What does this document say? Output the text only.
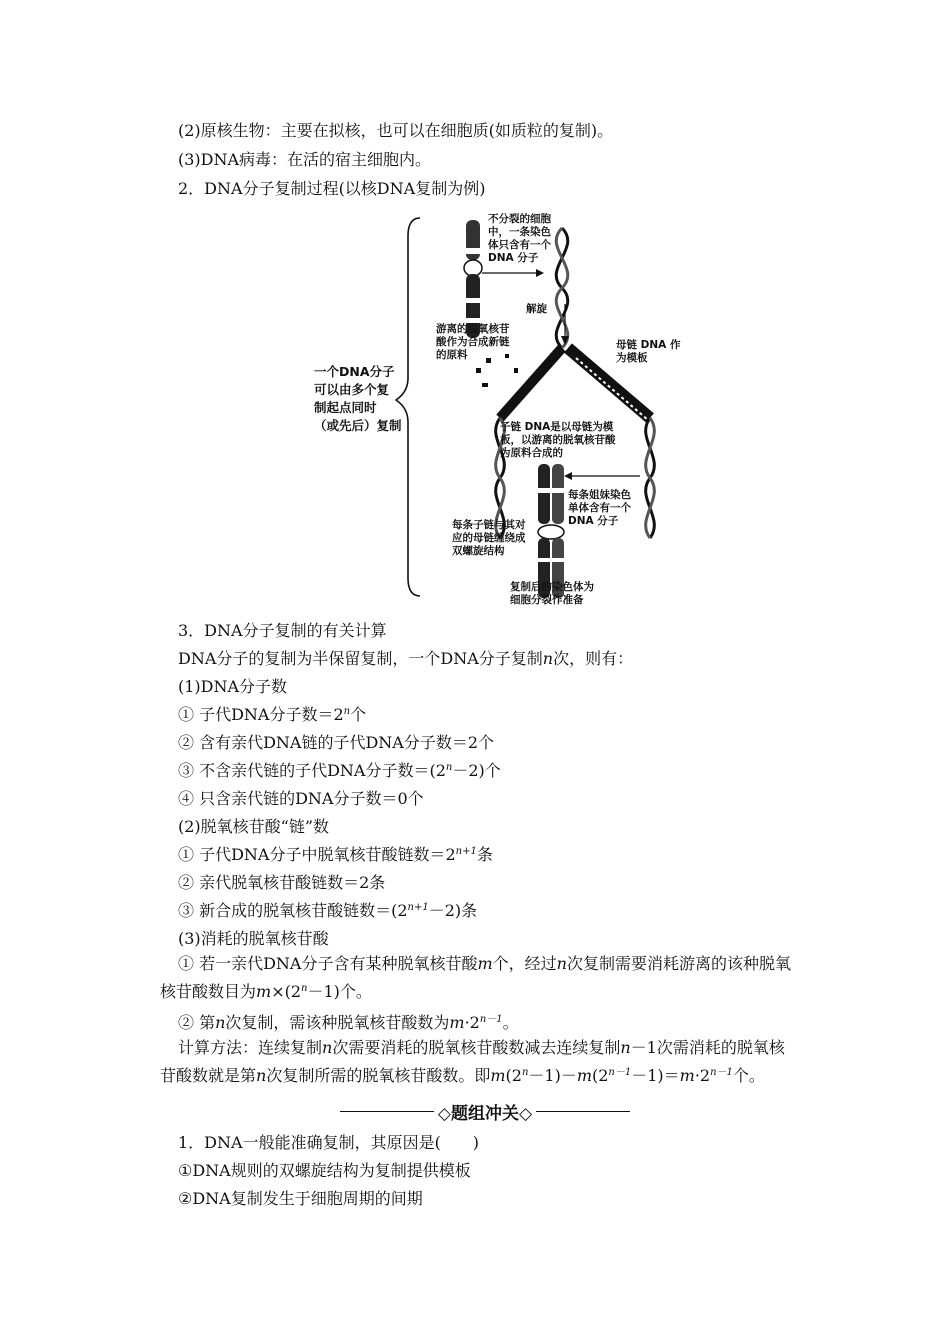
(2)原核生物：主要在拟核，也可以在细胞质(如质粒的复制)。
(3)DNA病毒：在活的宿主细胞内。
2．DNA分子复制过程(以核DNA复制为例)
一个DNA分子
可以由多个复
制起点同时
（或先后）复制
不分裂的细胞
中，一条染色
体只含有一个
DNA 分子
解旋
游离的脱氧核苷
酸作为合成新链
的原料
母链 DNA 作
为模板
子链 DNA是以母链为模
板，以游离的脱氧核苷酸
为原料合成的
每条姐妹染色
单体含有一个
DNA 分子
每条子链与其对
应的母链缠绕成
双螺旋结构
复制后的染色体为
细胞分裂作准备
3．DNA分子复制的有关计算
DNA分子的复制为半保留复制，一个DNA分子复制n次，则有：
(1)DNA分子数
① 子代DNA分子数$=2^n$个
② 含有亲代DNA链的子代DNA分子数＝2个
③ 不含亲代链的子代DNA分子数$=(2^n-2)$个
④ 只含亲代链的DNA分子数＝0个
(2)脱氧核苷酸“链”数
① 子代DNA分子中脱氧核苷酸链数$=2^{n+1}$条
② 亲代脱氧核苷酸链数＝2条
③ 新合成的脱氧核苷酸链数$=(2^{n+1}-2)$条
(3)消耗的脱氧核苷酸
① 若一亲代DNA分子含有某种脱氧核苷酸m个，经过n次复制需要消耗游离的该种脱氧核苷酸数目为$m\times(2^n-1)$个。
② 第n次复制，需该种脱氧核苷酸数为$m\cdot 2^{n-1}$。
计算方法：连续复制n次需要消耗的脱氧核苷酸数减去连续复制n－1次需消耗的脱氧核苷酸数就是第n次复制所需的脱氧核苷酸数。即$m(2^n-1)-m(2^{n-1}-1)=m\cdot 2^{n-1}$个。
◇题组冲关◇
1．DNA一般能准确复制，其原因是(　　)
①DNA规则的双螺旋结构为复制提供模板
②DNA复制发生于细胞周期的间期
